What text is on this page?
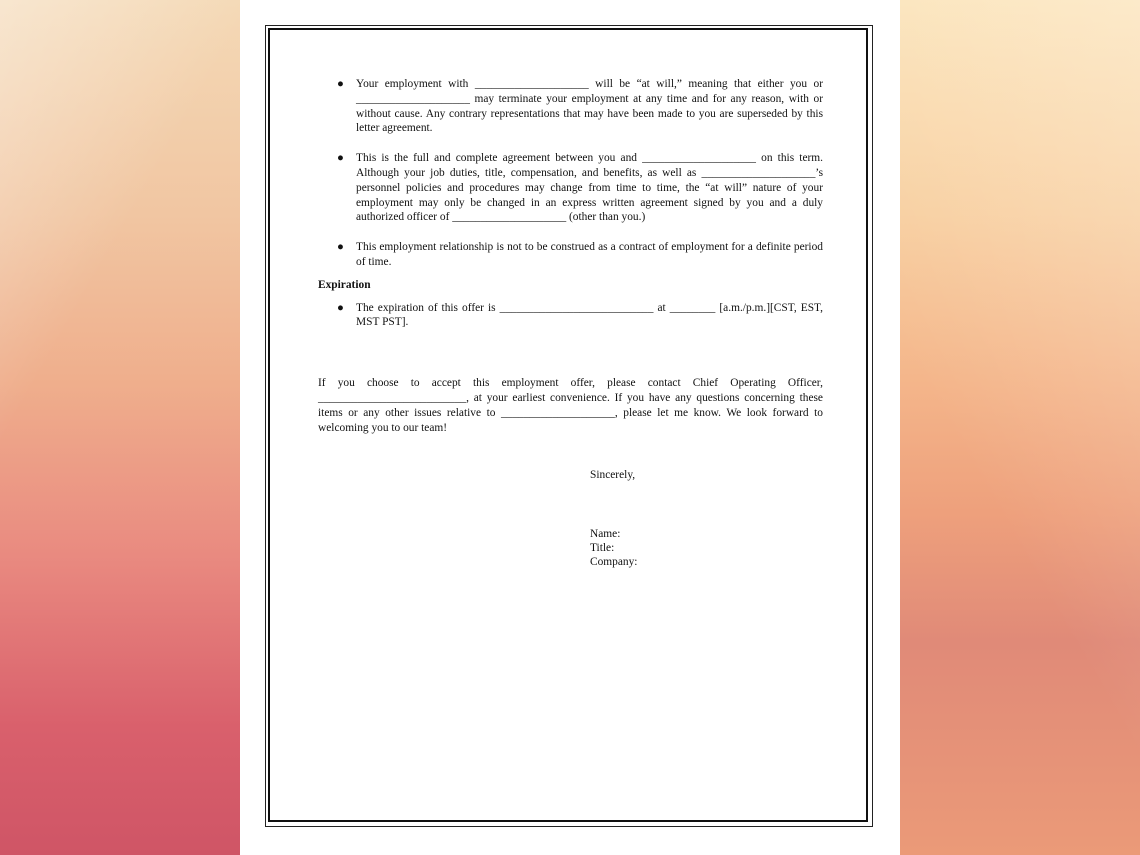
● Your employment with ____________________ will be “at will,” meaning that either you or ____________________ may terminate your employment at any time and for any reason, with or without cause. Any contrary representations that may have been made to you are superseded by this letter agreement.
● This is the full and complete agreement between you and ____________________ on this term. Although your job duties, title, compensation, and benefits, as well as ____________________’s personnel policies and procedures may change from time to time, the “at will” nature of your employment may only be changed in an express written agreement signed by you and a duly authorized officer of ____________________ (other than you.)
● This employment relationship is not to be construed as a contract of employment for a definite period of time.
Expiration
● The expiration of this offer is ___________________________ at ________ [a.m./p.m.][CST, EST, MST PST].
If you choose to accept this employment offer, please contact Chief Operating Officer, __________________________, at your earliest convenience. If you have any questions concerning these items or any other issues relative to ____________________, please let me know. We look forward to welcoming you to our team!
Sincerely,
Name:
Title:
Company:
